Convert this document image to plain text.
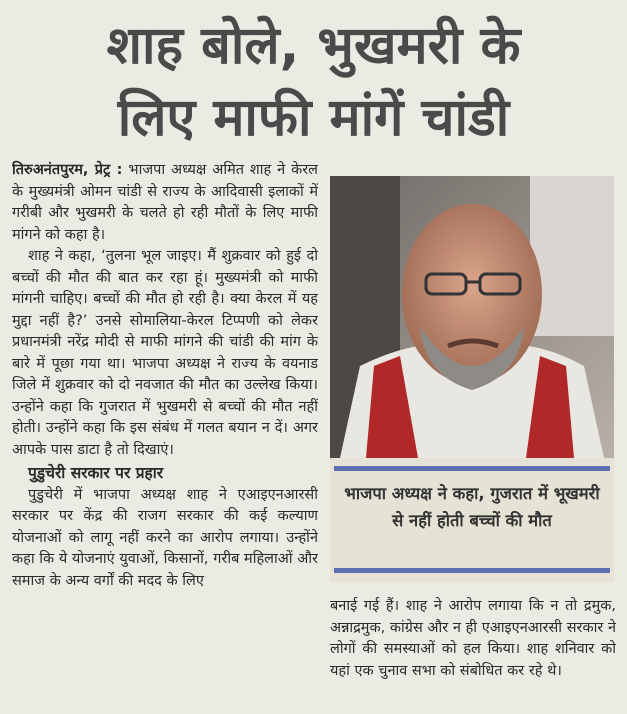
शाह बोले, भुखमरी के
लिए माफी मांगें चांडी

तिरुअनंतपुरम, प्रेट्र : भाजपा अध्यक्ष अमित शाह ने केरल के मुख्यमंत्री ओमन चांडी से राज्य के आदिवासी इलाकों में गरीबी और भुखमरी के चलते हो रही मौतों के लिए माफी मांगने को कहा है।

शाह ने कहा, ‘तुलना भूल जाइए। मैं शुक्रवार को हुई दो बच्चों की मौत की बात कर रहा हूं। मुख्यमंत्री को माफी मांगनी चाहिए। बच्चों की मौत हो रही है। क्या केरल में यह मुद्दा नहीं है?’ उनसे सोमालिया-केरल टिप्पणी को लेकर प्रधानमंत्री नरेंद्र मोदी से माफी मांगने की चांडी की मांग के बारे में पूछा गया था। भाजपा अध्यक्ष ने राज्य के वयनाड जिले में शुक्रवार को दो नवजात की मौत का उल्लेख किया। उन्होंने कहा कि गुजरात में भुखमरी से बच्चों की मौत नहीं होती। उन्होंने कहा कि इस संबंध में गलत बयान न दें। अगर आपके पास डाटा है तो दिखाएं।

पुडुचेरी सरकार पर प्रहार

पुडुचेरी में भाजपा अध्यक्ष शाह ने एआइएनआरसी सरकार पर केंद्र की राजग सरकार की कई कल्याण योजनाओं को लागू नहीं करने का आरोप लगाया। उन्होंने कहा कि ये योजनाएं युवाओं, किसानों, गरीब महिलाओं और समाज के अन्य वर्गों की मदद के लिए

भाजपा अध्यक्ष ने कहा, गुजरात में भूखमरी से नहीं होती बच्चों की मौत

बनाई गई हैं। शाह ने आरोप लगाया कि न तो द्रमुक, अन्नाद्रमुक, कांग्रेस और न ही एआइएनआरसी सरकार ने लोगों की समस्याओं को हल किया। शाह शनिवार को यहां एक चुनाव सभा को संबोधित कर रहे थे।
